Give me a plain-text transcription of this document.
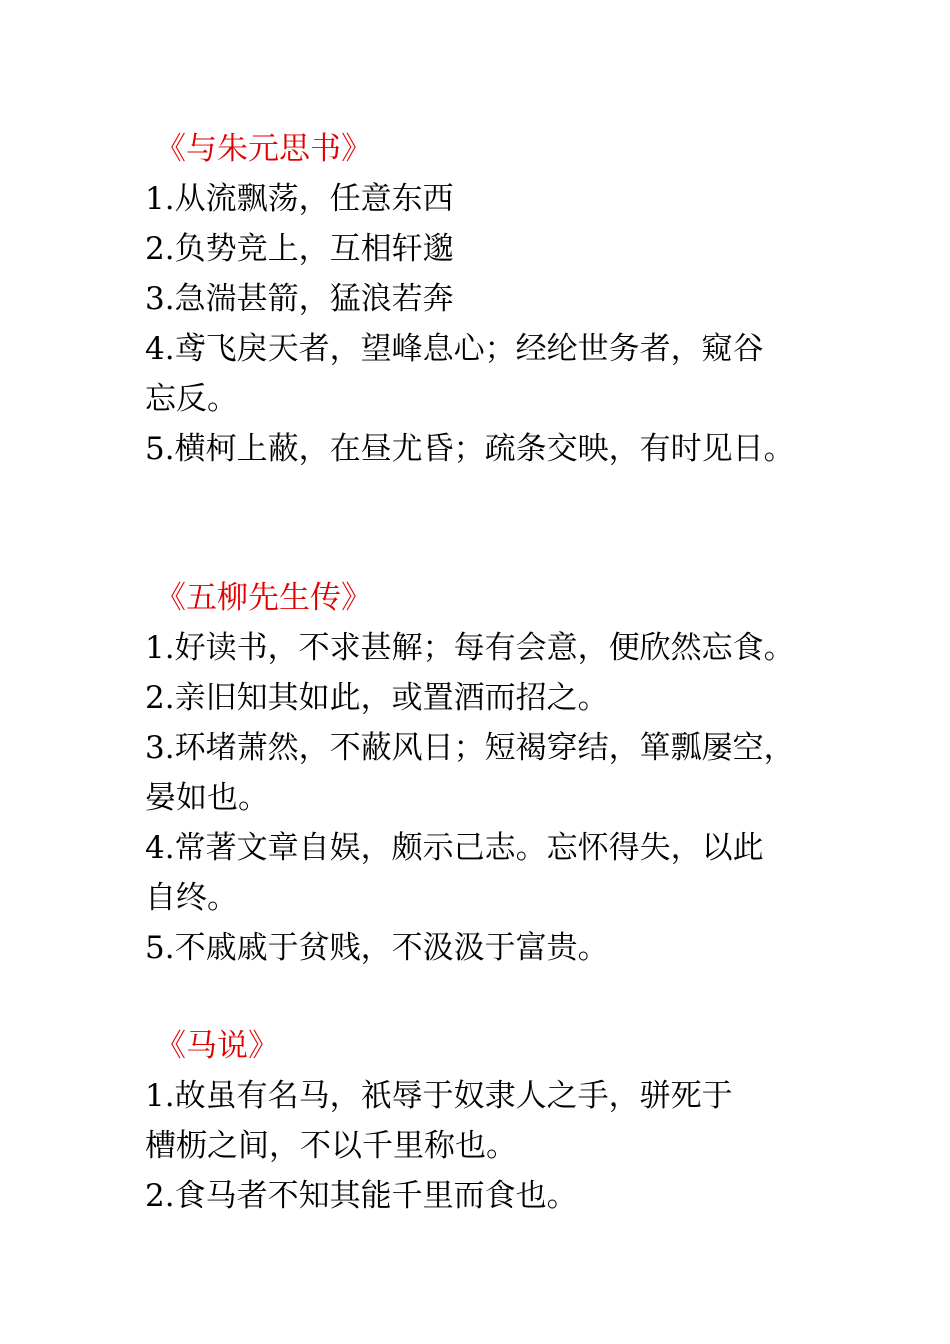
《与朱元思书》
1.从流飘荡，任意东西
2.负势竞上，互相轩邈
3.急湍甚箭，猛浪若奔
4.鸢飞戾天者，望峰息心；经纶世务者，窥谷
忘反。
5.横柯上蔽，在昼尤昏；疏条交映，有时见日。
《五柳先生传》
1.好读书，不求甚解；每有会意，便欣然忘食。
2.亲旧知其如此，或置酒而招之。
3.环堵萧然，不蔽风日；短褐穿结，箪瓢屡空，
晏如也。
4.常著文章自娱，颇示己志。忘怀得失，以此
自终。
5.不戚戚于贫贱，不汲汲于富贵。
《马说》
1.故虽有名马，祇辱于奴隶人之手，骈死于
槽枥之间，不以千里称也。
2.食马者不知其能千里而食也。
